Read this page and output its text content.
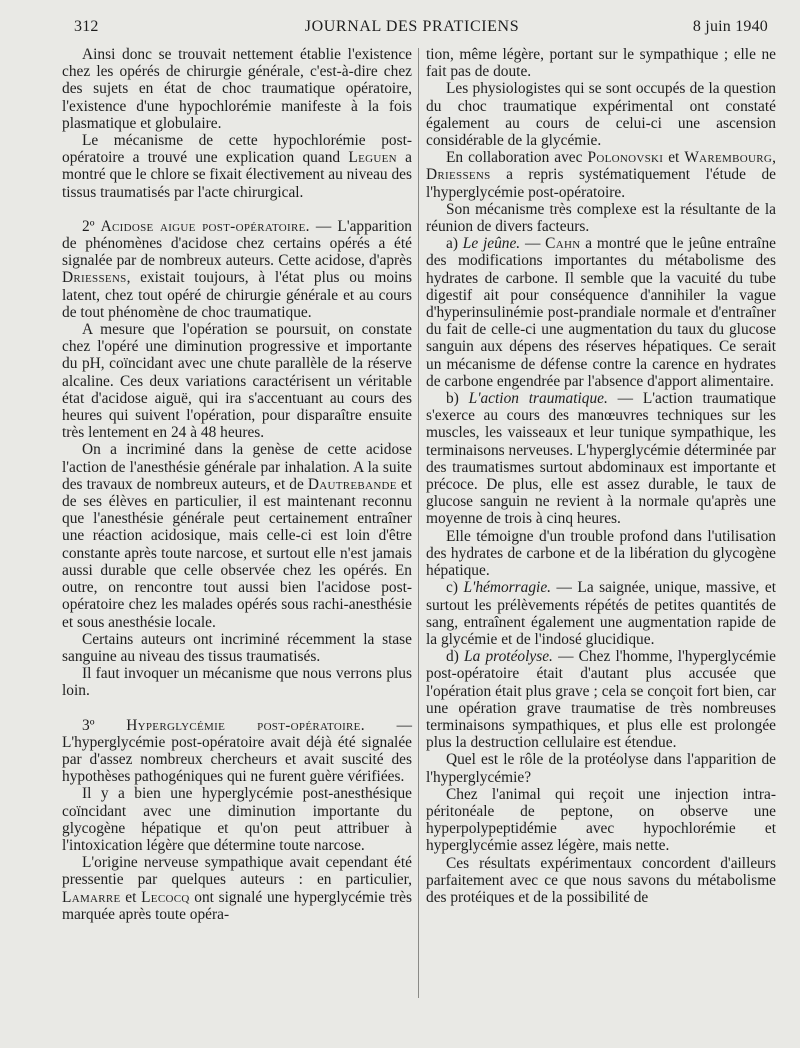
312	JOURNAL DES PRATICIENS	8 juin 1940

Ainsi donc se trouvait nettement établie l'existence chez les opérés de chirurgie générale, c'est-à-dire chez des sujets en état de choc traumatique opératoire, l'existence d'une hypochlorémie manifeste à la fois plasmatique et globulaire.

Le mécanisme de cette hypochlorémie post-opératoire a trouvé une explication quand Leguen a montré que le chlore se fixait électivement au niveau des tissus traumatisés par l'acte chirurgical.

2º Acidose aigue post-opératoire. — L'apparition de phénomènes d'acidose chez certains opérés a été signalée par de nombreux auteurs. Cette acidose, d'après Driessens, existait toujours, à l'état plus ou moins latent, chez tout opéré de chirurgie générale et au cours de tout phénomène de choc traumatique.

A mesure que l'opération se poursuit, on constate chez l'opéré une diminution progressive et importante du pH, coïncidant avec une chute parallèle de la réserve alcaline. Ces deux variations caractérisent un véritable état d'acidose aiguë, qui ira s'accentuant au cours des heures qui suivent l'opération, pour disparaître ensuite très lentement en 24 à 48 heures.

On a incriminé dans la genèse de cette acidose l'action de l'anesthésie générale par inhalation. A la suite des travaux de nombreux auteurs, et de Dautrebande et de ses élèves en particulier, il est maintenant reconnu que l'anesthésie générale peut certainement entraîner une réaction acidosique, mais celle-ci est loin d'être constante après toute narcose, et surtout elle n'est jamais aussi durable que celle observée chez les opérés. En outre, on rencontre tout aussi bien l'acidose post-opératoire chez les malades opérés sous rachi-anesthésie et sous anesthésie locale.

Certains auteurs ont incriminé récemment la stase sanguine au niveau des tissus traumatisés.

Il faut invoquer un mécanisme que nous verrons plus loin.

3º Hyperglycémie post-opératoire. — L'hyperglycémie post-opératoire avait déjà été signalée par d'assez nombreux chercheurs et avait suscité des hypothèses pathogéniques qui ne furent guère vérifiées.

Il y a bien une hyperglycémie post-anesthésique coïncidant avec une diminution importante du glycogène hépatique et qu'on peut attribuer à l'intoxication légère que détermine toute narcose.

L'origine nerveuse sympathique avait cependant été pressentie par quelques auteurs : en particulier, Lamarre et Lecocq ont signalé une hyperglycémie très marquée après toute opéra-

tion, même légère, portant sur le sympathique ; elle ne fait pas de doute.

Les physiologistes qui se sont occupés de la question du choc traumatique expérimental ont constaté également au cours de celui-ci une ascension considérable de la glycémie.

En collaboration avec Polonovski et Warembourg, Driessens a repris systématiquement l'étude de l'hyperglycémie post-opératoire.

Son mécanisme très complexe est la résultante de la réunion de divers facteurs.

a) Le jeûne. — Cahn a montré que le jeûne entraîne des modifications importantes du métabolisme des hydrates de carbone. Il semble que la vacuité du tube digestif ait pour conséquence d'annihiler la vague d'hyperinsulinémie post-prandiale normale et d'entraîner du fait de celle-ci une augmentation du taux du glucose sanguin aux dépens des réserves hépatiques. Ce serait un mécanisme de défense contre la carence en hydrates de carbone engendrée par l'absence d'apport alimentaire.

b) L'action traumatique. — L'action traumatique s'exerce au cours des manœuvres techniques sur les muscles, les vaisseaux et leur tunique sympathique, les terminaisons nerveuses. L'hyperglycémie déterminée par des traumatismes surtout abdominaux est importante et précoce. De plus, elle est assez durable, le taux de glucose sanguin ne revient à la normale qu'après une moyenne de trois à cinq heures.

Elle témoigne d'un trouble profond dans l'utilisation des hydrates de carbone et de la libération du glycogène hépatique.

c) L'hémorragie. — La saignée, unique, massive, et surtout les prélèvements répétés de petites quantités de sang, entraînent également une augmentation rapide de la glycémie et de l'indosé glucidique.

d) La protéolyse. — Chez l'homme, l'hyperglycémie post-opératoire était d'autant plus accusée que l'opération était plus grave ; cela se conçoit fort bien, car une opération grave traumatise de très nombreuses terminaisons sympathiques, et plus elle est prolongée plus la destruction cellulaire est étendue.

Quel est le rôle de la protéolyse dans l'apparition de l'hyperglycémie?

Chez l'animal qui reçoit une injection intra-péritonéale de peptone, on observe une hyperpolypeptidémie avec hypochlorémie et hyperglycémie assez légère, mais nette.

Ces résultats expérimentaux concordent d'ailleurs parfaitement avec ce que nous savons du métabolisme des protéiques et de la possibilité de
